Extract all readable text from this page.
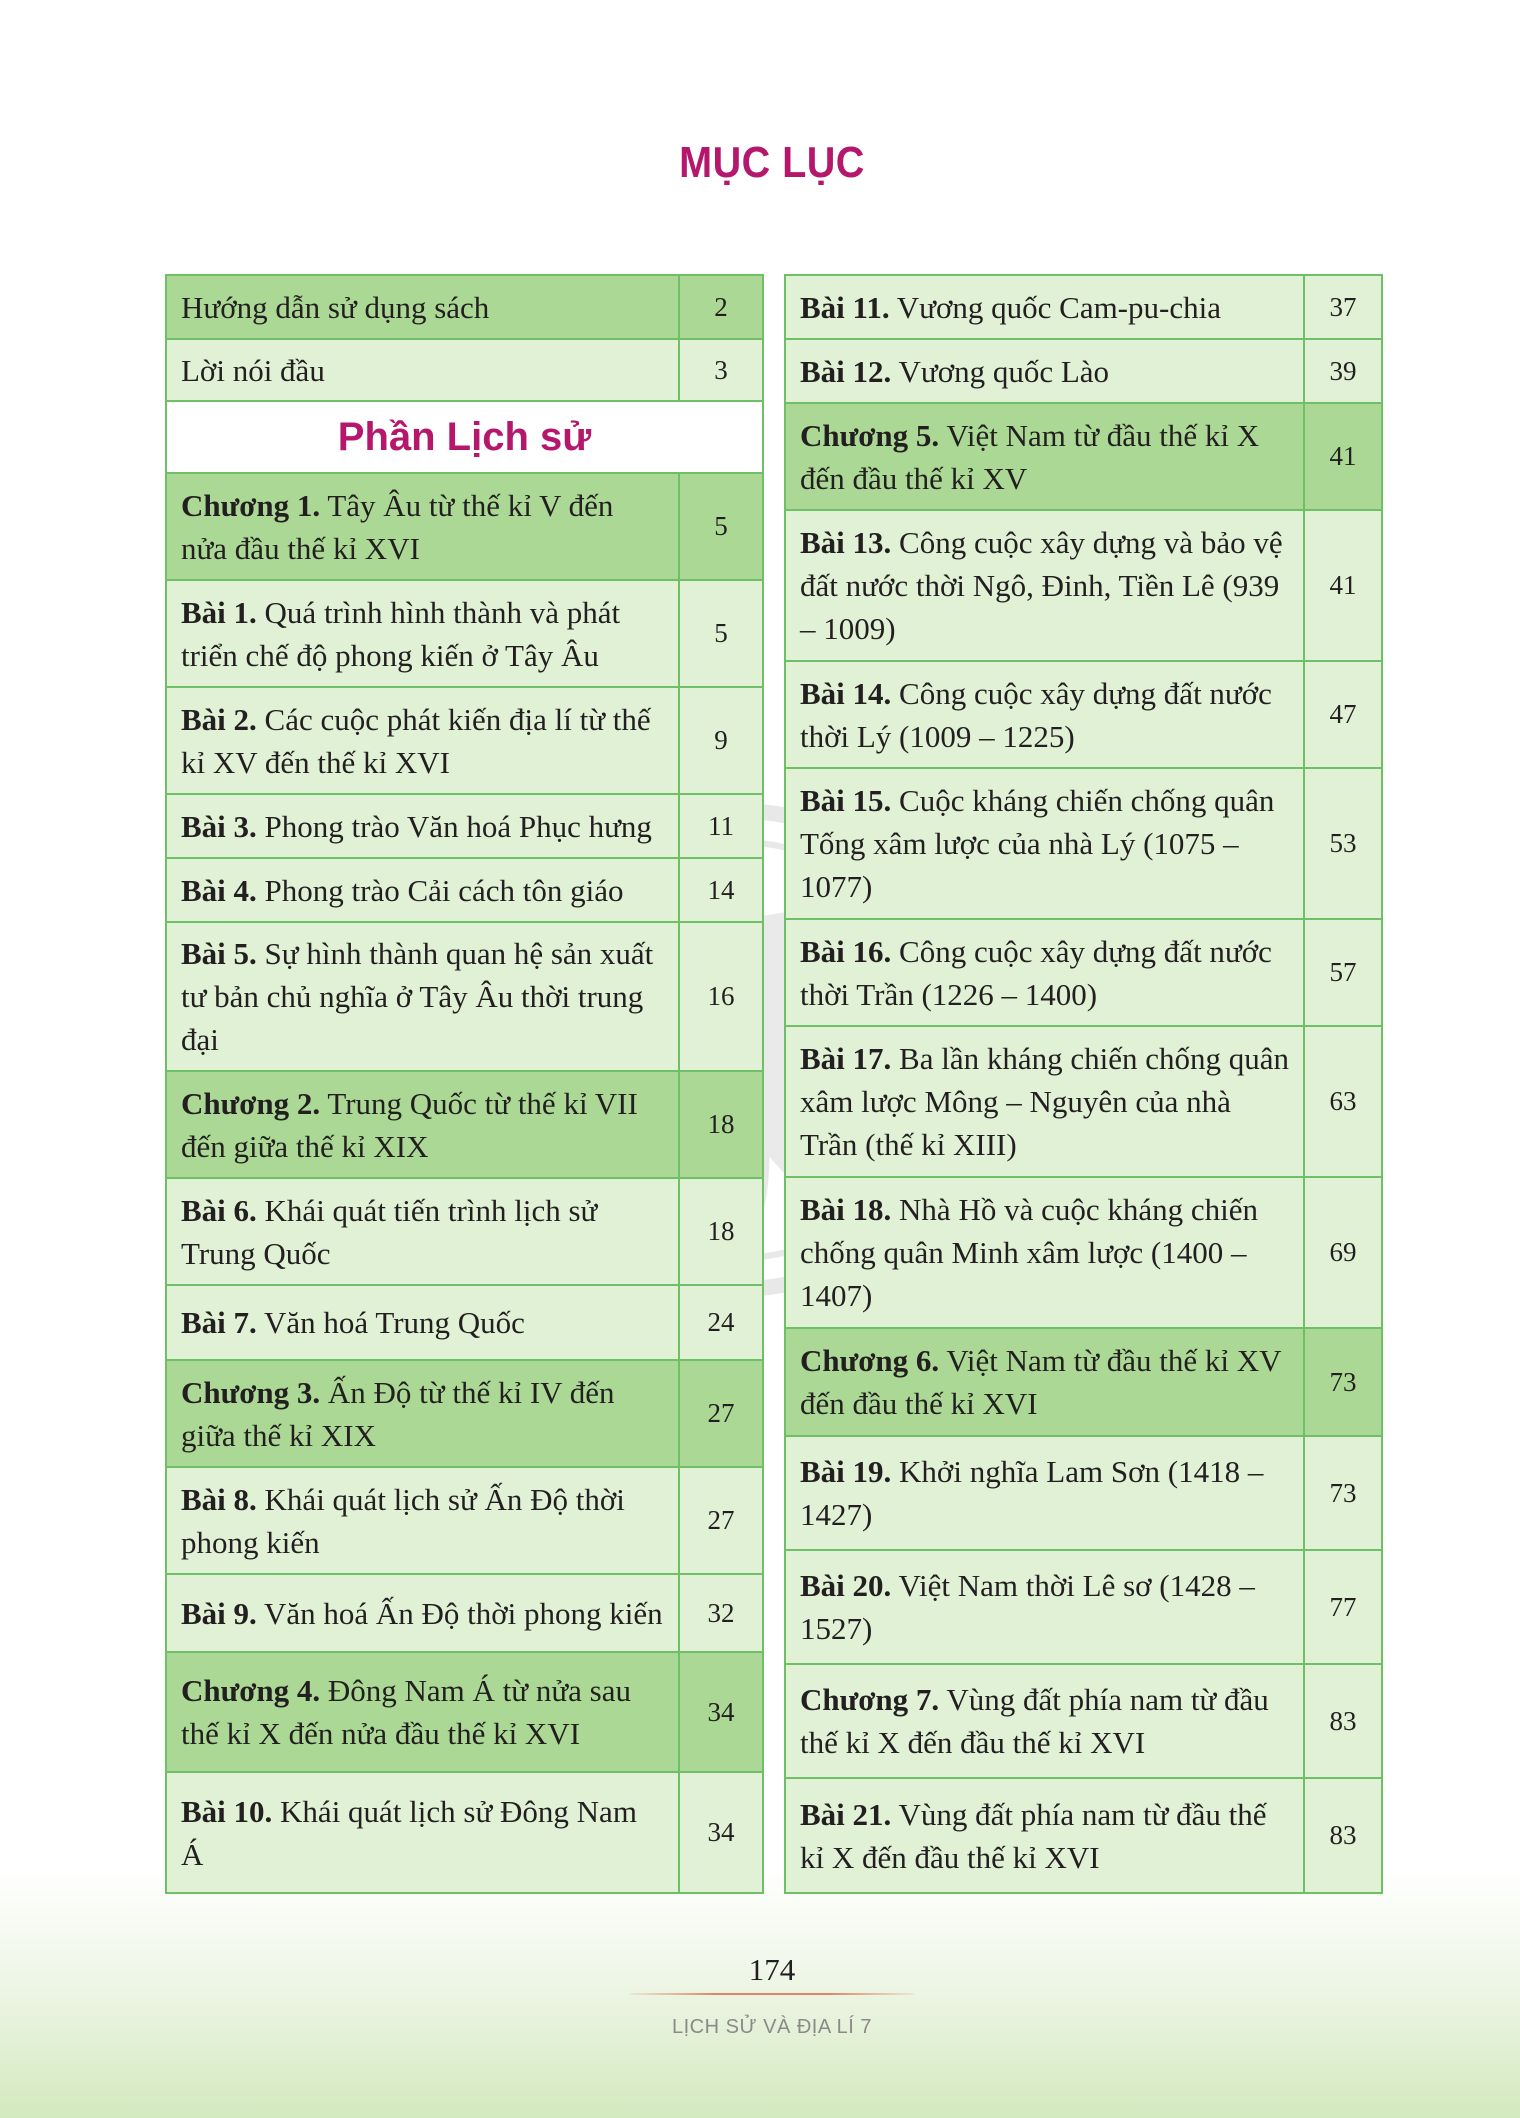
MỤC LỤC
Hướng dẫn sử dụng sách	2
Lời nói đầu	3
Phần Lịch sử	
Chương 1. Tây Âu từ thế kỉ V đến nửa đầu thế kỉ XVI	5
Bài 1. Quá trình hình thành và phát triển chế độ phong kiến ở Tây Âu	5
Bài 2. Các cuộc phát kiến địa lí từ thế kỉ XV đến thế kỉ XVI	9
Bài 3. Phong trào Văn hoá Phục hưng	11
Bài 4. Phong trào Cải cách tôn giáo	14
Bài 5. Sự hình thành quan hệ sản xuất tư bản chủ nghĩa ở Tây Âu thời trung đại	16
Chương 2. Trung Quốc từ thế kỉ VII đến giữa thế kỉ XIX	18
Bài 6. Khái quát tiến trình lịch sử Trung Quốc	18
Bài 7. Văn hoá Trung Quốc	24
Chương 3. Ấn Độ từ thế kỉ IV đến giữa thế kỉ XIX	27
Bài 8. Khái quát lịch sử Ấn Độ thời phong kiến	27
Bài 9. Văn hoá Ấn Độ thời phong kiến	32
Chương 4. Đông Nam Á từ nửa sau thế kỉ X đến nửa đầu thế kỉ XVI	34
Bài 10. Khái quát lịch sử Đông Nam Á	34
Bài 11. Vương quốc Cam-pu-chia	37
Bài 12. Vương quốc Lào	39
Chương 5. Việt Nam từ đầu thế kỉ X đến đầu thế kỉ XV	41
Bài 13. Công cuộc xây dựng và bảo vệ đất nước thời Ngô, Đinh, Tiền Lê (939 – 1009)	41
Bài 14. Công cuộc xây dựng đất nước thời Lý (1009 – 1225)	47
Bài 15. Cuộc kháng chiến chống quân Tống xâm lược của nhà Lý (1075 – 1077)	53
Bài 16. Công cuộc xây dựng đất nước thời Trần (1226 – 1400)	57
Bài 17. Ba lần kháng chiến chống quân xâm lược Mông – Nguyên của nhà Trần (thế kỉ XIII)	63
Bài 18. Nhà Hồ và cuộc kháng chiến chống quân Minh xâm lược (1400 – 1407)	69
Chương 6. Việt Nam từ đầu thế kỉ XV đến đầu thế kỉ XVI	73
Bài 19. Khởi nghĩa Lam Sơn (1418 – 1427)	73
Bài 20. Việt Nam thời Lê sơ (1428 – 1527)	77
Chương 7. Vùng đất phía nam từ đầu thế kỉ X đến đầu thế kỉ XVI	83
Bài 21. Vùng đất phía nam từ đầu thế kỉ X đến đầu thế kỉ XVI	83
174
LỊCH SỬ VÀ ĐỊA LÍ 7
